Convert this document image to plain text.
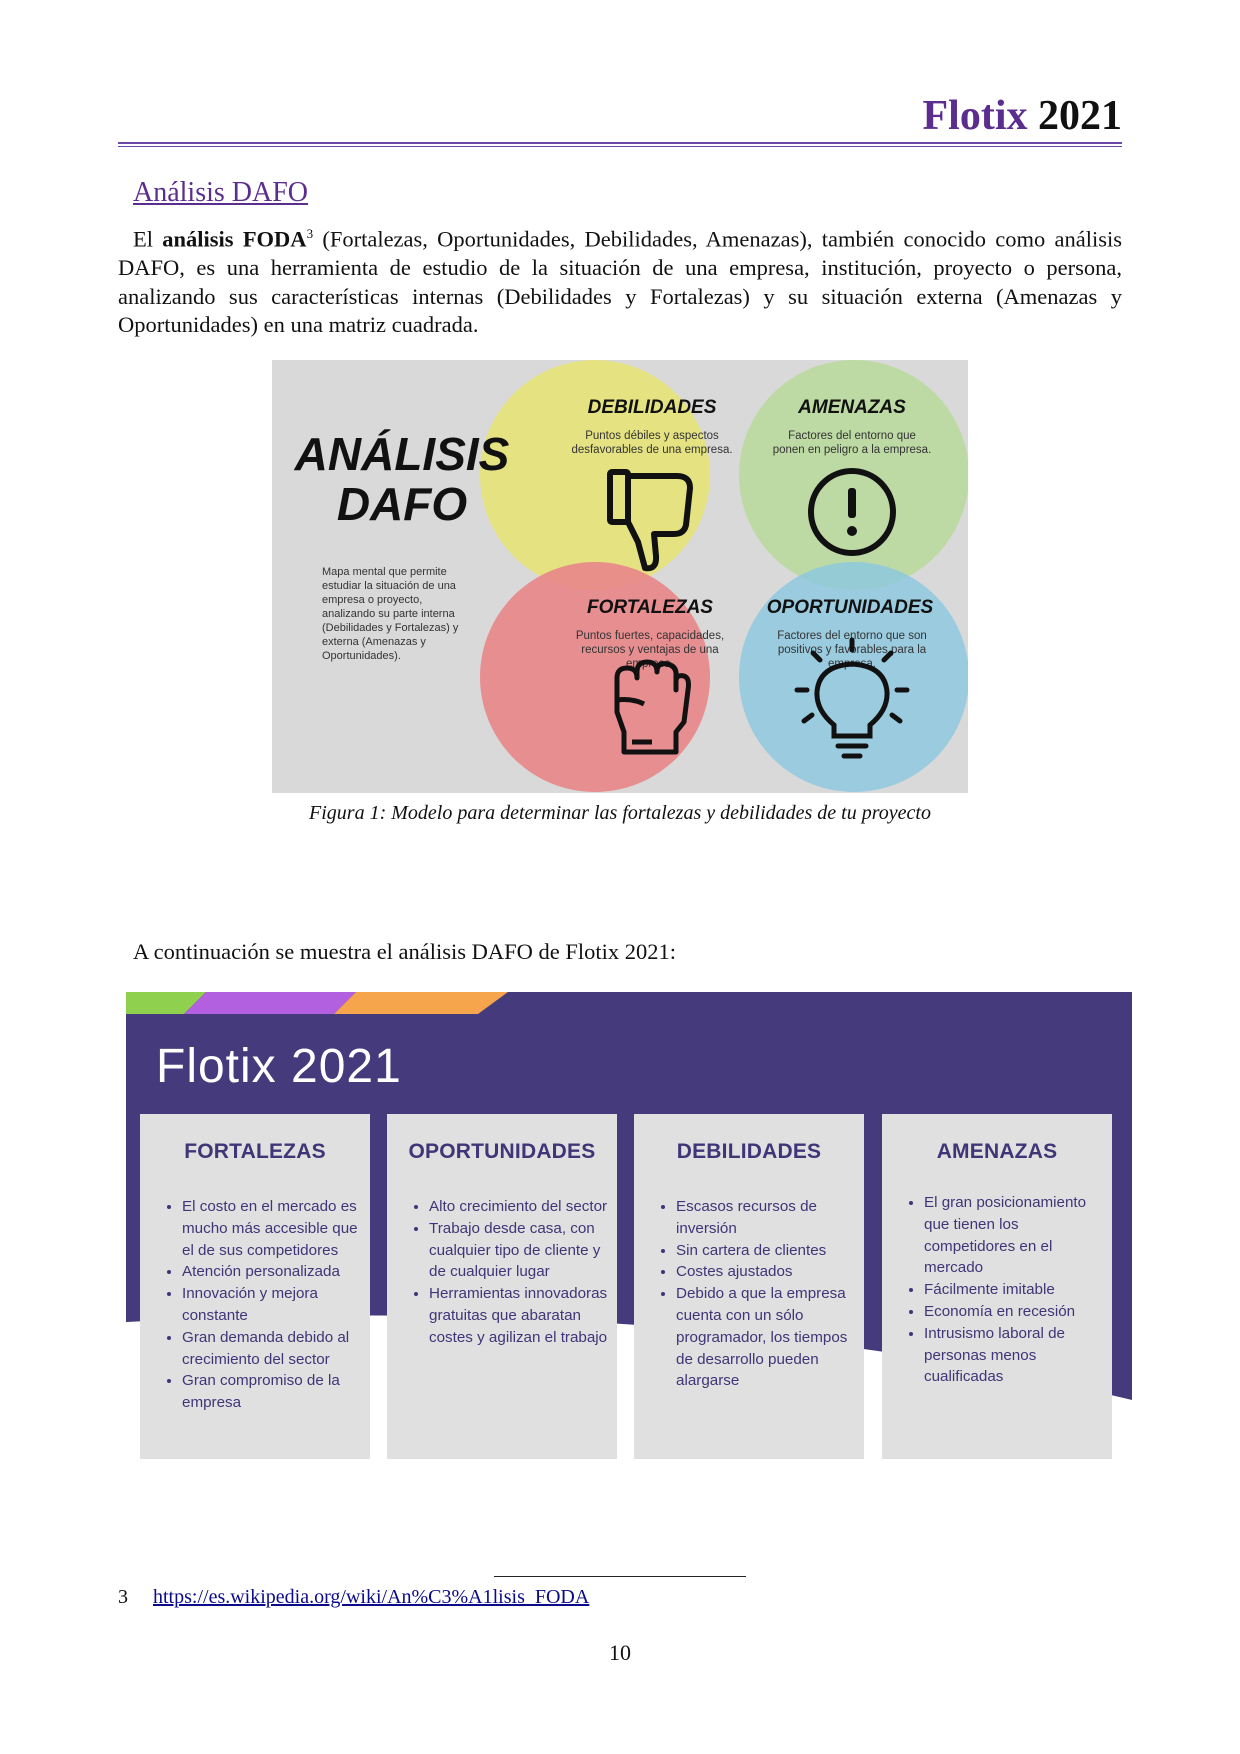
Flotix 2021
Análisis DAFO
El análisis FODA$^3$ (Fortalezas, Oportunidades, Debilidades, Amenazas), también conocido como análisis DAFO, es una herramienta de estudio de la situación de una empresa, institución, proyecto o persona, analizando sus características internas (Debilidades y Fortalezas) y su situación externa (Amenazas y Oportunidades) en una matriz cuadrada.
ANÁLISIS
DAFO
Mapa mental que permite
estudiar la situación de una
empresa o proyecto,
analizando su parte interna
(Debilidades y Fortalezas) y
externa (Amenazas y
Oportunidades).
DEBILIDADES	AMENAZAS
FORTALEZAS	OPORTUNIDADES
Puntos débiles y aspectos
desfavorables de una empresa.
Factores del entorno que
ponen en peligro a la empresa.
Puntos fuertes, capacidades,
recursos y ventajas de una
empresa.
Factores del entorno que son
positivos y favorables para la
empresa.
Figura 1: Modelo para determinar las fortalezas y debilidades de tu proyecto
A continuación se muestra el análisis DAFO de Flotix 2021:
Flotix 2021
FORTALEZAS
• El costo en el mercado es mucho más accesible que el de sus competidores
• Atención personalizada
• Innovación y mejora constante
• Gran demanda debido al crecimiento del sector
• Gran compromiso de la empresa
OPORTUNIDADES
• Alto crecimiento del sector
• Trabajo desde casa, con cualquier tipo de cliente y de cualquier lugar
• Herramientas innovadoras gratuitas que abaratan costes y agilizan el trabajo
DEBILIDADES
• Escasos recursos de inversión
• Sin cartera de clientes
• Costes ajustados
• Debido a que la empresa cuenta con un sólo programador, los tiempos de desarrollo pueden alargarse
AMENAZAS
• El gran posicionamiento que tienen los competidores en el mercado
• Fácilmente imitable
• Economía en recesión
• Intrusismo laboral de personas menos cualificadas
3 https://es.wikipedia.org/wiki/An%C3%A1lisis_FODA
10
